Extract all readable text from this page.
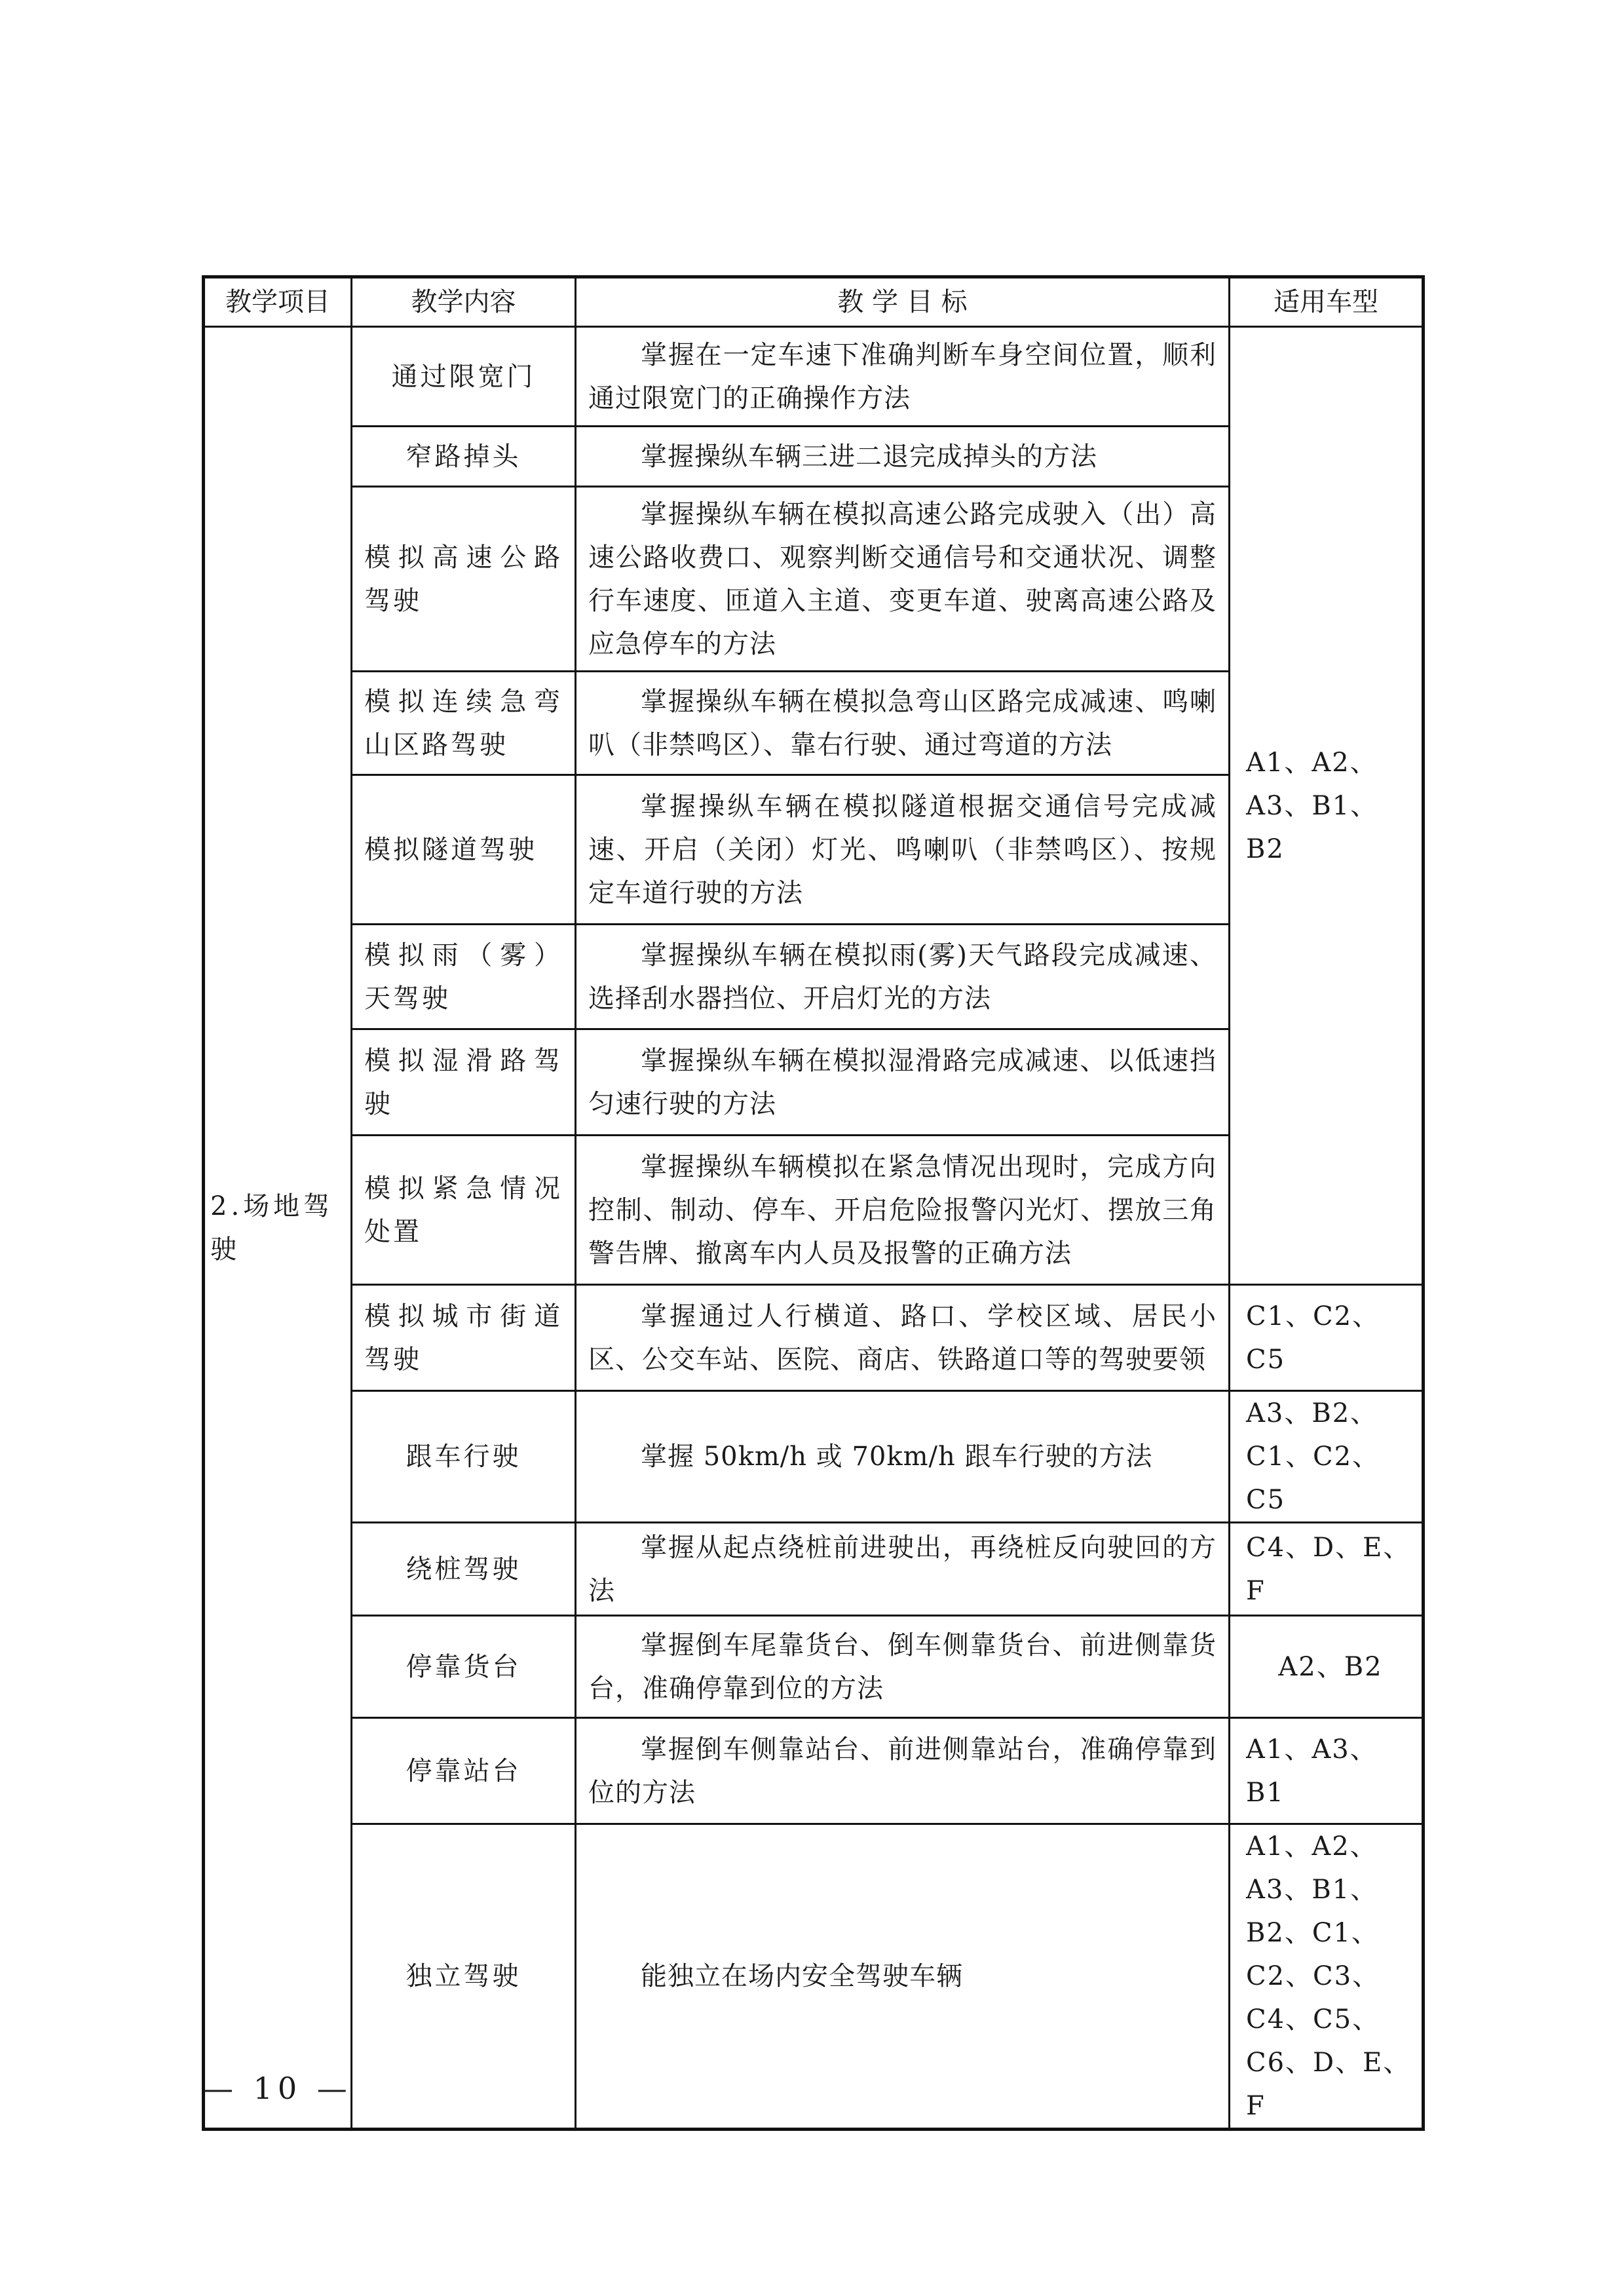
教学项目	教学内容	教 学 目 标	适用车型
2.场地驾驶	通过限宽门	掌握在一定车速下准确判断车身空间位置，顺利通过限宽门的正确操作方法	A1、A2、A3、B1、B2
	窄路掉头	掌握操纵车辆三进二退完成掉头的方法	
	模拟高速公路驾驶	掌握操纵车辆在模拟高速公路完成驶入（出）高速公路收费口、观察判断交通信号和交通状况、调整行车速度、匝道入主道、变更车道、驶离高速公路及应急停车的方法	
	模拟连续急弯山区路驾驶	掌握操纵车辆在模拟急弯山区路完成减速、鸣喇叭（非禁鸣区）、靠右行驶、通过弯道的方法	
	模拟隧道驾驶	掌握操纵车辆在模拟隧道根据交通信号完成减速、开启（关闭）灯光、鸣喇叭（非禁鸣区）、按规定车道行驶的方法	
	模拟雨（雾）天驾驶	掌握操纵车辆在模拟雨(雾)天气路段完成减速、选择刮水器挡位、开启灯光的方法	
	模拟湿滑路驾驶	掌握操纵车辆在模拟湿滑路完成减速、以低速挡匀速行驶的方法	
	模拟紧急情况处置	掌握操纵车辆模拟在紧急情况出现时，完成方向控制、制动、停车、开启危险报警闪光灯、摆放三角警告牌、撤离车内人员及报警的正确方法	
	模拟城市街道驾驶	掌握通过人行横道、路口、学校区域、居民小区、公交车站、医院、商店、铁路道口等的驾驶要领	C1、C2、C5
	跟车行驶	掌握 50km/h 或 70km/h 跟车行驶的方法	A3、B2、C1、C2、C5
	绕桩驾驶	掌握从起点绕桩前进驶出，再绕桩反向驶回的方法	C4、D、E、F
	停靠货台	掌握倒车尾靠货台、倒车侧靠货台、前进侧靠货台，准确停靠到位的方法	A2、B2
	停靠站台	掌握倒车侧靠站台、前进侧靠站台，准确停靠到位的方法	A1、A3、B1
	独立驾驶	能独立在场内安全驾驶车辆	A1、A2、A3、B1、B2、C1、C2、C3、C4、C5、C6、D、E、F
— 10 —
